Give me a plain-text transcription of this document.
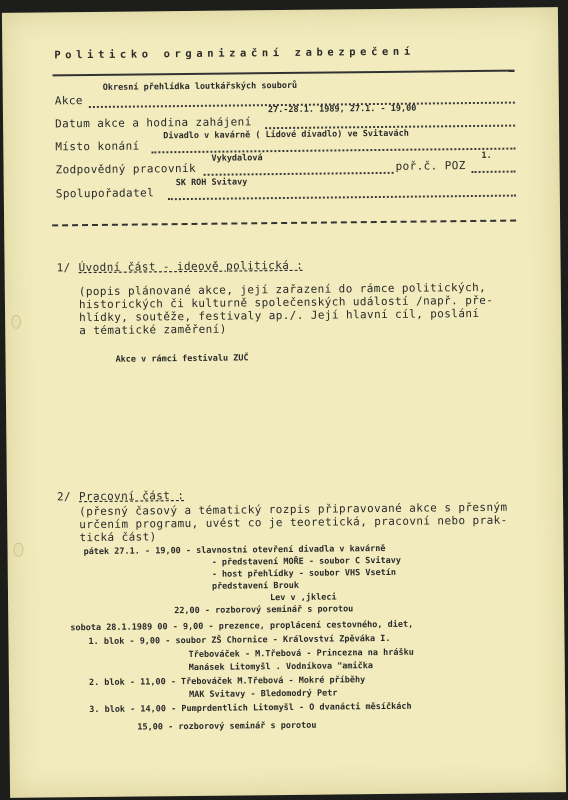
Politicko organizační zabezpečení
Akce
Okresní přehlídka loutkářských souborů
Datum akce a hodina zahájení
27.-28.1. 1989, 27.1. - 19,00
Místo konání
Divadlo v kavárně ( Lidové divadlo) ve Svitavách
Zodpovědný pracovník
Vykydalová
poř.č. POZ
1.
Spolupořadatel
SK ROH Svitavy
1/ Úvodní část - ideově politická :
(popis plánované akce, její zařazení do rámce politických,
historických či kulturně společenských událostí /např. pře-
hlídky, soutěže, festivaly ap./. Její hlavní cíl, poslání
a tématické zaměření)
Akce v rámci festivalu ZUČ
2/ Pracovní část :
(přesný časový a tématický rozpis připravované akce s přesným
určením programu, uvést co je teoretická, pracovní nebo prak-
tická část)
pátek 27.1. - 19,00 - slavnostní otevření divadla v kavárně
- představení MOŘE - soubor C Svitavy
- host přehlídky - soubor VHS Vsetín
představení Brouk
Lev v ,jkleci
22,00 - rozborový seminář s porotou
sobota 28.1.1989 00 - 9,00 - prezence, proplácení cestovného, diet,
1. blok - 9,00 - soubor ZŠ Chornice - Království Zpěváka I.
Třebováček - M.Třebová - Princezna na hrášku
Manásek Litomyšl . Vodníkova "amička
2. blok - 11,00 - Třebováček M.Třebová - Mokré příběhy
MAK Svitavy - Bledomodrý Petr
3. blok - 14,00 - Pumprdentlich Litomyšl - O dvanácti měsíčkách
15,00 - rozborový seminář s porotou
